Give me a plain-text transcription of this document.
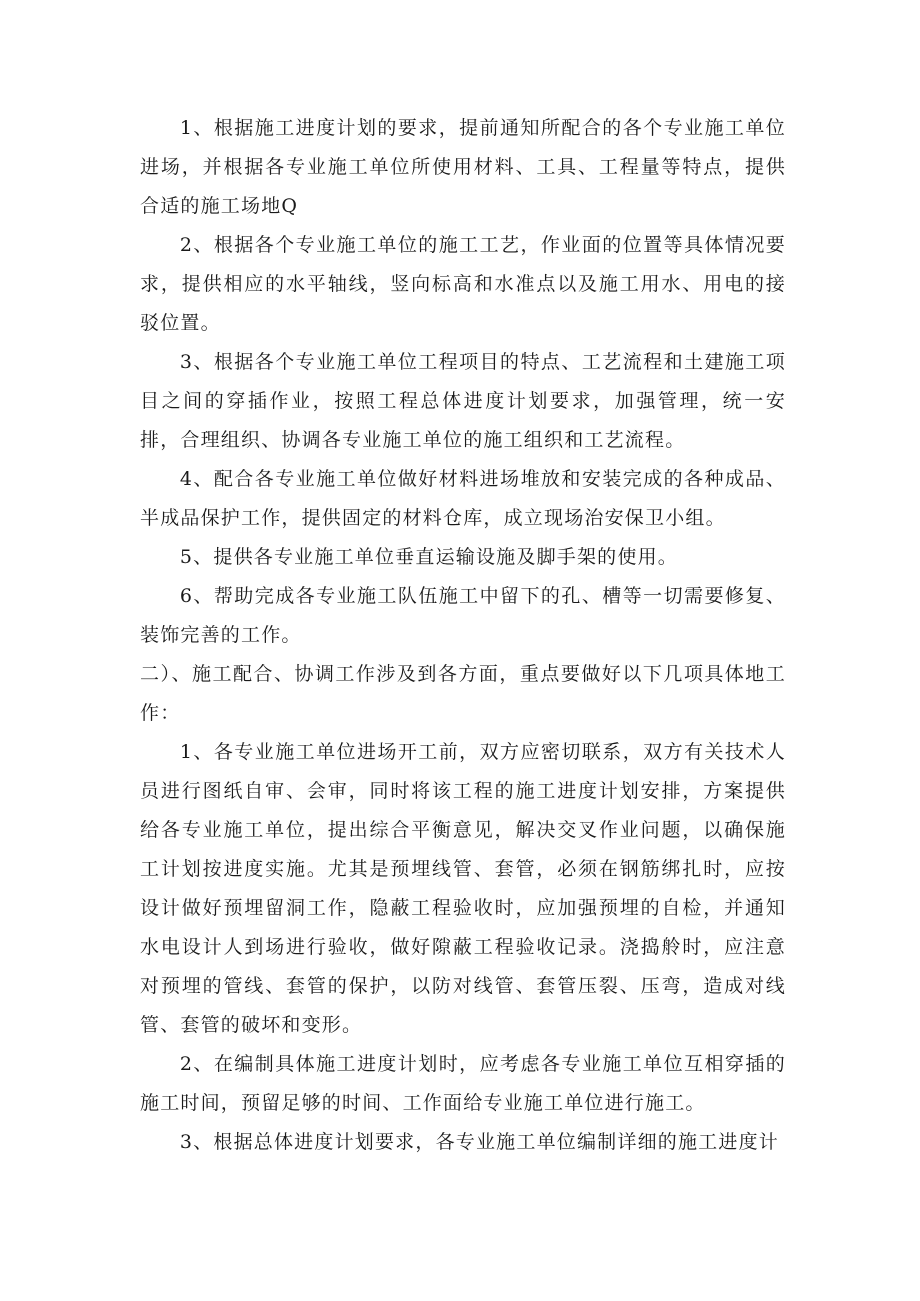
1、根据施工进度计划的要求，提前通知所配合的各个专业施工单位进场，并根据各专业施工单位所使用材料、工具、工程量等特点，提供合适的施工场地Q

2、根据各个专业施工单位的施工工艺，作业面的位置等具体情况要求，提供相应的水平轴线，竖向标高和水准点以及施工用水、用电的接驳位置。

3、根据各个专业施工单位工程项目的特点、工艺流程和土建施工项目之间的穿插作业，按照工程总体进度计划要求，加强管理，统一安排，合理组织、协调各专业施工单位的施工组织和工艺流程。

4、配合各专业施工单位做好材料进场堆放和安装完成的各种成品、半成品保护工作，提供固定的材料仓库，成立现场治安保卫小组。

5、提供各专业施工单位垂直运输设施及脚手架的使用。

6、帮助完成各专业施工队伍施工中留下的孔、槽等一切需要修复、装饰完善的工作。

二）、施工配合、协调工作涉及到各方面，重点要做好以下几项具体地工作：

1、各专业施工单位进场开工前，双方应密切联系，双方有关技术人员进行图纸自审、会审，同时将该工程的施工进度计划安排，方案提供给各专业施工单位，提出综合平衡意见，解决交叉作业问题，以确保施工计划按进度实施。尤其是预埋线管、套管，必须在钢筋绑扎时，应按设计做好预埋留洞工作，隐蔽工程验收时，应加强预埋的自检，并通知水电设计人到场进行验收，做好隙蔽工程验收记录。浇捣舲时，应注意对预埋的管线、套管的保护，以防对线管、套管压裂、压弯，造成对线管、套管的破坏和变形。

2、在编制具体施工进度计划时，应考虑各专业施工单位互相穿插的施工时间，预留足够的时间、工作面给专业施工单位进行施工。

3、根据总体进度计划要求，各专业施工单位编制详细的施工进度计
